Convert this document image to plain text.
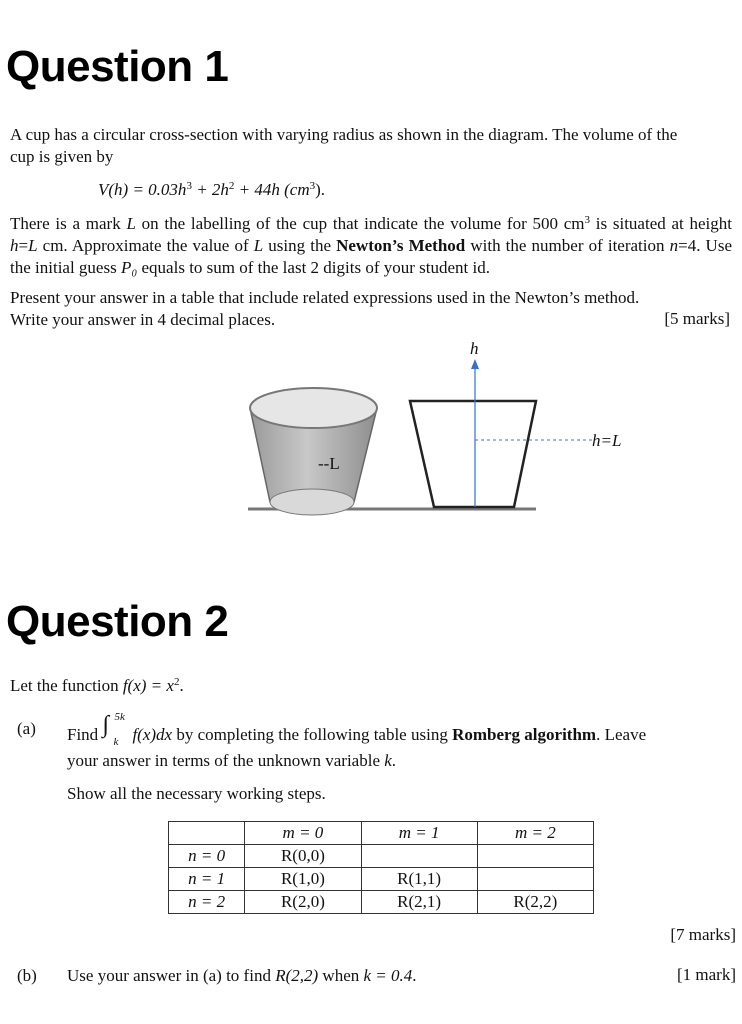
Question 1
A cup has a circular cross-section with varying radius as shown in the diagram. The volume of the
cup is given by
$V(h) = 0.03h^3 + 2h^2 + 44h$ $(cm^3)$.
There is a mark L on the labelling of the cup that indicate the volume for 500 $cm^3$ is situated at height h=L cm. Approximate the value of L using the Newton’s Method with the number of iteration n=4. Use the initial guess P₀ equals to sum of the last 2 digits of your student id.
Present your answer in a table that include related expressions used in the Newton’s method.
Write your answer in 4 decimal places.	[5 marks]
h
--L
h=L
Question 2
Let the function $f(x) = x^2$.
(a) Find ∫ 5k
k f(x)dx by completing the following table using Romberg algorithm. Leave
your answer in terms of the unknown variable k.
Show all the necessary working steps.
	m = 0	m = 1	m = 2
n = 0	R(0,0)		
n = 1	R(1,0)	R(1,1)	
n = 2	R(2,0)	R(2,1)	R(2,2)
[7 marks]
(b) Use your answer in (a) to find R(2,2) when k = 0.4.	[1 mark]
